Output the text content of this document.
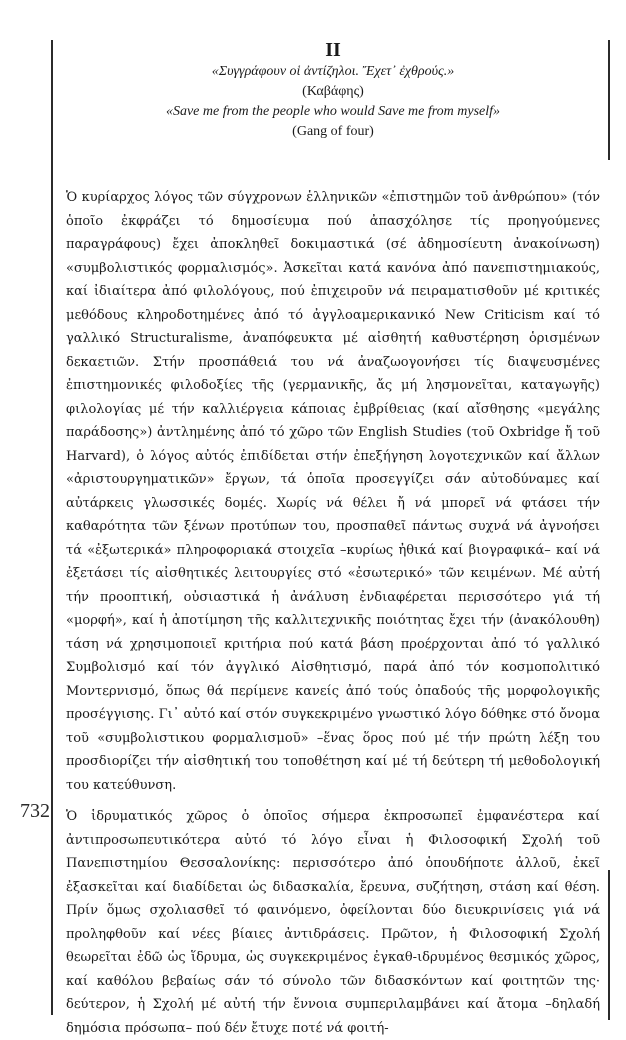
732

II

«Συγγράφουν οἱ ἀντίζηλοι. Ἔχετ᾽ ἐχθρούς.»

(Καβάφης)

«Save me from the people who would Save me from myself»

(Gang of four)

Ὁ κυρίαρχος λόγος τῶν σύγχρονων ἑλληνικῶν «ἐπιστημῶν τοῦ ἀνθρώπου» (τόν ὁποῖο ἐκφράζει τό δημοσίευμα πού ἀπασχόλησε τίς προηγούμενες παραγράφους) ἔχει ἀποκληθεῖ δοκιμαστικά (σέ ἀδημοσίευτη ἀνακοίνωση) «συμβολιστικός φορμαλισμός». Ἀσκεῖται κατά κανόνα ἀπό πανεπιστημιακούς, καί ἰδιαίτερα ἀπό φιλολόγους, πού ἐπιχειροῦν νά πειραματισθοῦν μέ κριτικές μεθόδους κληροδοτημένες ἀπό τό ἀγγλοαμερικανικό New Criticism καί τό γαλλικό Structuralisme, ἀναπόφευκτα μέ αἰσθητή καθυστέρηση ὁρισμένων δεκαετιῶν. Στήν προσπάθειά του νά ἀναζωογονήσει τίς διαψευσμένες ἐπιστημονικές φιλοδοξίες τῆς (γερμανικῆς, ἄς μή λησμονεῖται, καταγωγῆς) φιλολογίας μέ τήν καλλιέργεια κάποιας ἐμβρίθειας (καί αἴσθησης «μεγάλης παράδοσης») ἀντλημένης ἀπό τό χῶρο τῶν English Studies (τοῦ Oxbridge ἤ τοῦ Harvard), ὁ λόγος αὐτός ἐπιδίδεται στήν ἐπεξήγηση λογοτεχνικῶν καί ἄλλων «ἀριστουργηματικῶν» ἔργων, τά ὁποῖα προσεγγίζει σάν αὐτοδύναμες καί αὐτάρκεις γλωσσικές δομές. Χωρίς νά θέλει ἤ νά μπορεῖ νά φτάσει τήν καθαρότητα τῶν ξένων προτύπων του, προσπαθεῖ πάντως συχνά νά ἀγνοήσει τά «ἐξωτερικά» πληροφοριακά στοιχεῖα –κυρίως ἠθικά καί βιογραφικά– καί νά ἐξετάσει τίς αἰσθητικές λειτουργίες στό «ἐσωτερικό» τῶν κειμένων. Μέ αὐτή τήν προοπτική, οὐσιαστικά ἡ ἀνάλυση ἐνδιαφέρεται περισσότερο γιά τή «μορφή», καί ἡ ἀποτίμηση τῆς καλλιτεχνικῆς ποιότητας ἔχει τήν (ἀνακόλουθη) τάση νά χρησιμοποιεῖ κριτήρια πού κατά βάση προέρχονται ἀπό τό γαλλικό Συμβολισμό καί τόν ἀγγλικό Αἰσθητισμό, παρά ἀπό τόν κοσμοπολιτικό Μοντερνισμό, ὅπως θά περίμενε κανείς ἀπό τούς ὀπαδούς τῆς μορφολογικῆς προσέγγισης. Γι᾽ αὐτό καί στόν συγκεκριμένο γνωστικό λόγο δόθηκε στό ὄνομα τοῦ «συμβολιστικου φορμαλισμοῦ» –ἕνας ὅρος πού μέ τήν πρώτη λέξη του προσδιορίζει τήν αἰσθητική του τοποθέτηση καί μέ τή δεύτερη τή μεθοδολογική του κατεύθυνση.

Ὁ ἱδρυματικός χῶρος ὁ ὁποῖος σήμερα ἐκπροσωπεῖ ἐμφανέστερα καί ἀντιπροσωπευτικότερα αὐτό τό λόγο εἶναι ἡ Φιλοσοφική Σχολή τοῦ Πανεπιστημίου Θεσσαλονίκης: περισσότερο ἀπό ὁπουδήποτε ἀλλοῦ, ἐκεῖ ἐξασκεῖται καί διαδίδεται ὡς διδασκαλία, ἔρευνα, συζήτηση, στάση καί θέση. Πρίν ὅμως σχολιασθεῖ τό φαινόμενο, ὀφείλονται δύο διευκρινίσεις γιά νά προληφθοῦν καί νέες βίαιες ἀντιδράσεις. Πρῶτον, ἡ Φιλοσοφική Σχολή θεωρεῖται ἐδῶ ὡς ἵδρυμα, ὡς συγκεκριμένος ἐγκαθ-ιδρυμένος θεσμικός χῶρος, καί καθόλου βεβαίως σάν τό σύνολο τῶν διδασκόντων καί φοιτητῶν της· δεύτερον, ἡ Σχολή μέ αὐτή τήν ἔννοια συμπεριλαμβάνει καί ἄτομα –δηλαδή δημόσια πρόσωπα– πού δέν ἔτυχε ποτέ νά φοιτή-
